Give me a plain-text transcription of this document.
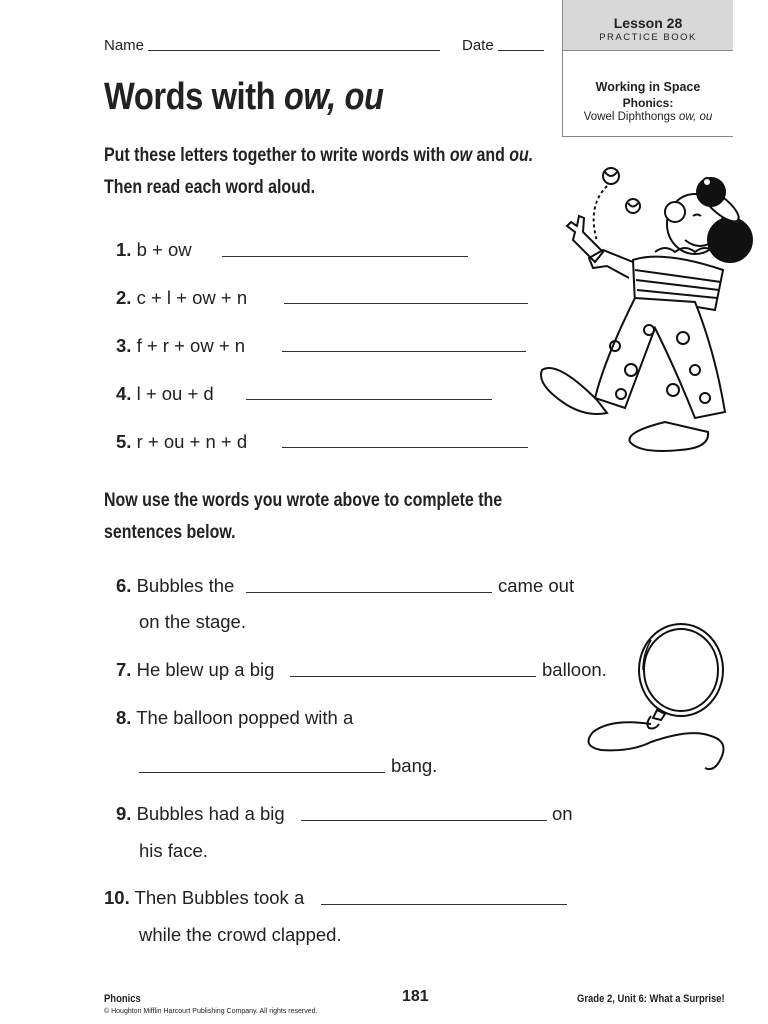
Name	Date
Lesson 28
PRACTICE BOOK
Working in Space
Phonics:
Vowel Diphthongs ow, ou
Words with ow, ou
Put these letters together to write words with ow and ou.
Then read each word aloud.
1. b + ow
2. c + l + ow + n
3. f + r + ow + n
4. l + ou + d
5. r + ou + n + d
Now use the words you wrote above to complete the
sentences below.
6. Bubbles the	came out
on the stage.
7. He blew up a big	balloon.
8. The balloon popped with a
bang.
9. Bubbles had a big	on
his face.
10. Then Bubbles took a
while the crowd clapped.
Phonics
© Houghton Mifflin Harcourt Publishing Company. All rights reserved.
181	Grade 2, Unit 6: What a Surprise!
